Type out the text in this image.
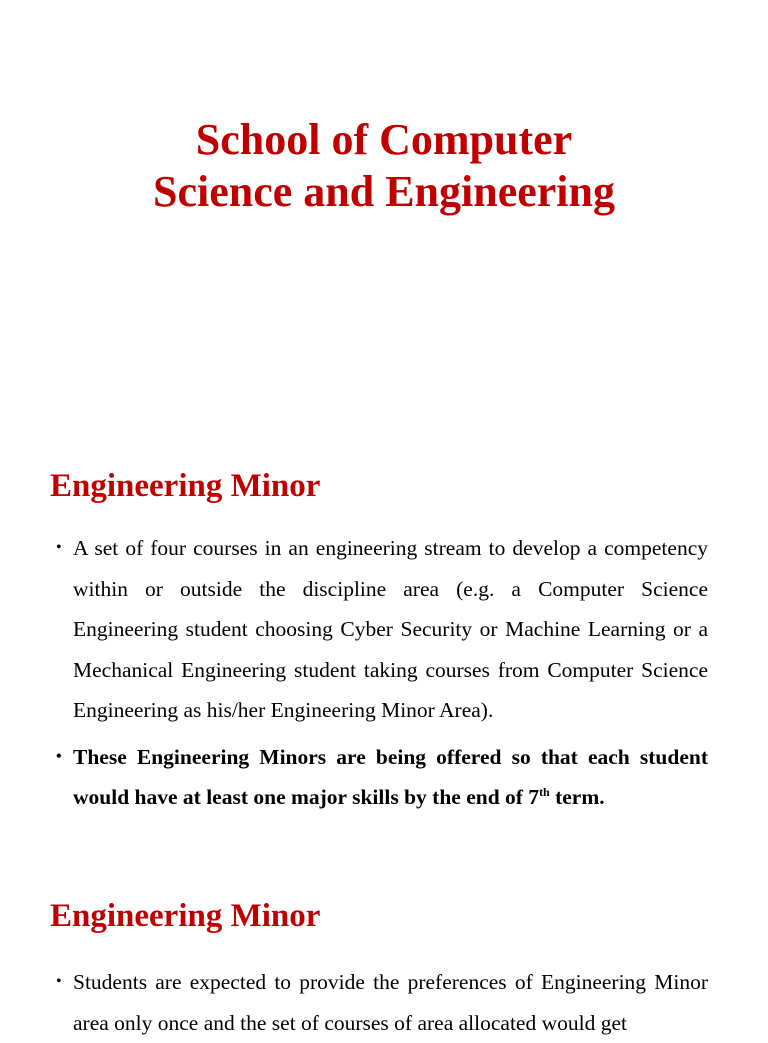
School of Computer
Science and Engineering
Engineering Minor
• A set of four courses in an engineering stream to develop a competency within or outside the discipline area (e.g. a Computer Science Engineering student choosing Cyber Security or Machine Learning or a Mechanical Engineering student taking courses from Computer Science Engineering as his/her Engineering Minor Area).
• These Engineering Minors are being offered so that each student would have at least one major skills by the end of 7th term.
Engineering Minor
• Students are expected to provide the preferences of Engineering Minor area only once and the set of courses of area allocated would get
